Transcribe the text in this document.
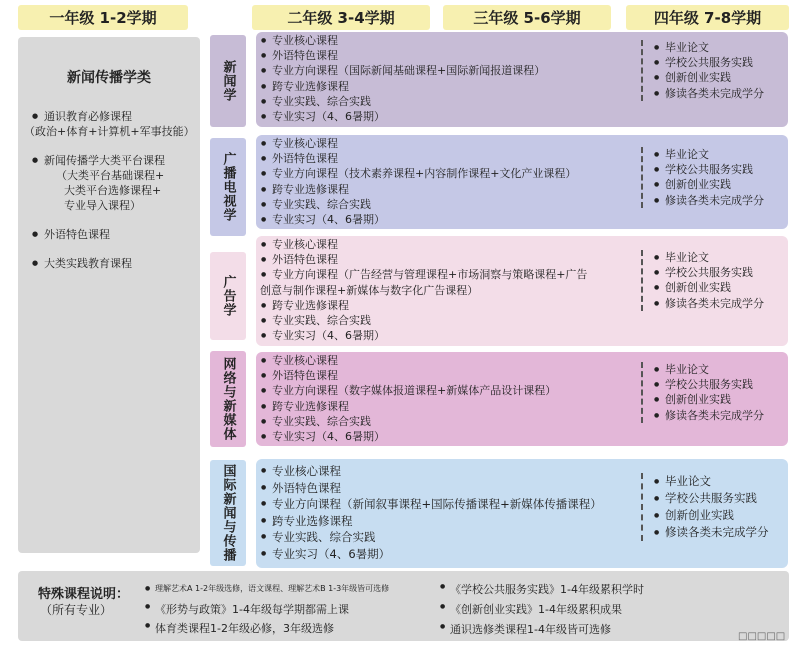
一年级 1-2学期	二年级 3-4学期	三年级 5-6学期	四年级 7-8学期
新闻传播学类
● 通识教育必修课程
（政治+体育+计算机+军事技能）
● 新闻传播学大类平台课程
（大类平台基础课程+
大类平台选修课程+
专业导入课程）
● 外语特色课程
● 大类实践教育课程
新闻学
广播电视学
广告学
网络与新媒体
国际新闻与传播
● 专业核心课程
● 外语特色课程
● 专业方向课程（国际新闻基础课程+国际新闻报道课程）
● 跨专业选修课程
● 专业实践、综合实践
● 专业实习（4、6暑期）
● 毕业论文
● 学校公共服务实践
● 创新创业实践
● 修读各类未完成学分
● 专业核心课程
● 外语特色课程
● 专业方向课程（技术素养课程+内容制作课程+文化产业课程）
● 跨专业选修课程
● 专业实践、综合实践
● 专业实习（4、6暑期）
● 毕业论文
● 学校公共服务实践
● 创新创业实践
● 修读各类未完成学分
● 专业核心课程
● 外语特色课程
● 专业方向课程（广告经营与管理课程+市场洞察与策略课程+广告
创意与制作课程+新媒体与数字化广告课程）
● 跨专业选修课程
● 专业实践、综合实践
● 专业实习（4、6暑期）
● 毕业论文
● 学校公共服务实践
● 创新创业实践
● 修读各类未完成学分
● 专业核心课程
● 外语特色课程
● 专业方向课程（数字媒体报道课程+新媒体产品设计课程）
● 跨专业选修课程
● 专业实践、综合实践
● 专业实习（4、6暑期）
● 毕业论文
● 学校公共服务实践
● 创新创业实践
● 修读各类未完成学分
● 专业核心课程
● 外语特色课程
● 专业方向课程（新闻叙事课程+国际传播课程+新媒体传播课程）
● 跨专业选修课程
● 专业实践、综合实践
● 专业实习（4、6暑期）
● 毕业论文
● 学校公共服务实践
● 创新创业实践
● 修读各类未完成学分
特殊课程说明：
（所有专业）
● 理解艺术A 1-2年级选修，语文课程、理解艺术B 1-3年级皆可选修
● 《形势与政策》1-4年级每学期都需上课
● 体育类课程1-2年级必修，3年级选修
● 《学校公共服务实践》1-4年级累积学时
● 《创新创业实践》1-4年级累积成果
● 通识选修类课程1-4年级皆可选修
□□□□□
